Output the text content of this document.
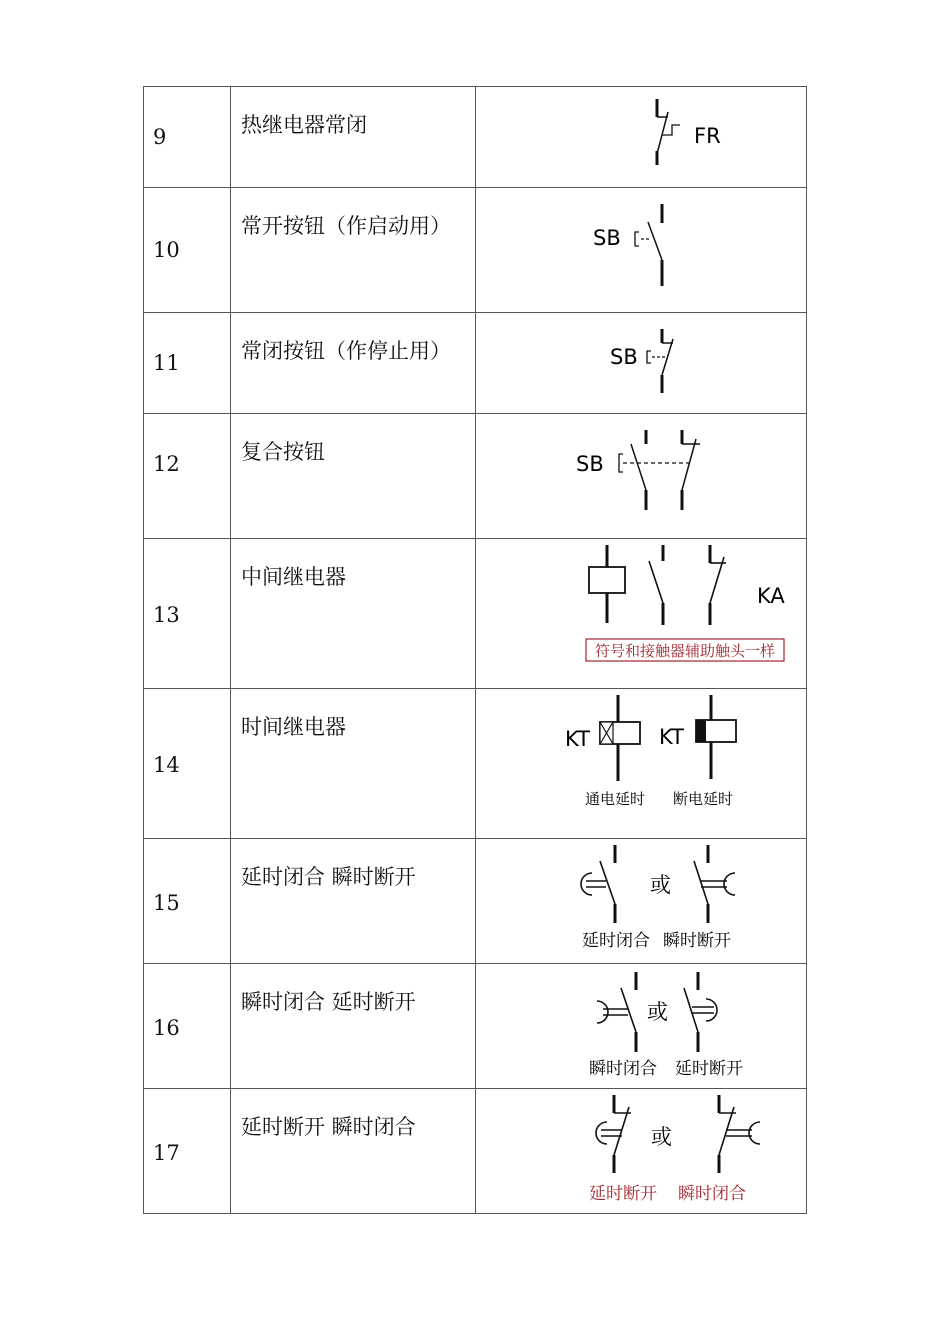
9	热继电器常闭	FR

10	常开按钮（作启动用）	SB

11	常闭按钮（作停止用）	SB

12	复合按钮	SB

13	中间继电器	KA
符号和接触器辅助触头一样

14	时间继电器	KT KT
通电延时 断电延时

15	延时闭合 瞬时断开	或
延时闭合 瞬时断开

16	瞬时闭合 延时断开	或
瞬时闭合 延时断开

17	延时断开 瞬时闭合	或
延时断开 瞬时闭合
